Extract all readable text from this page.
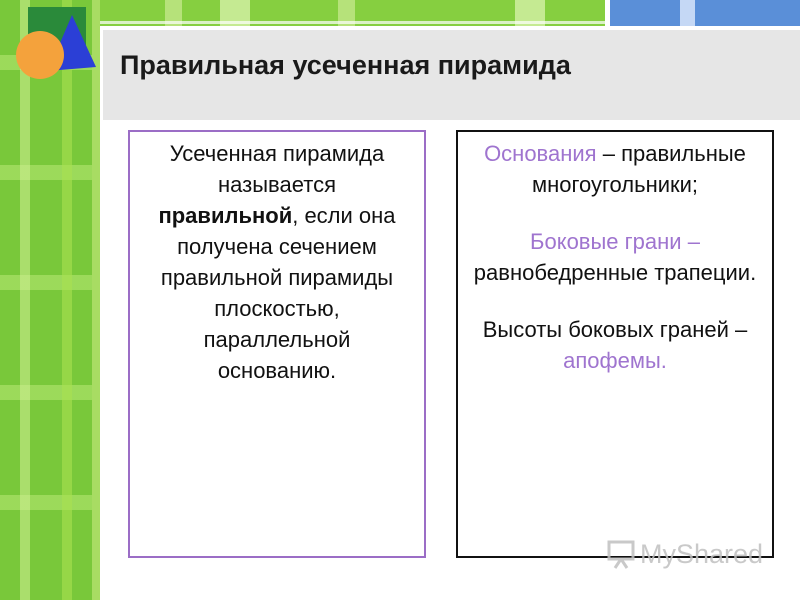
Правильная усеченная пирамида

Усеченная пирамида называется правильной, если она получена сечением правильной пирамиды плоскостью, параллельной основанию.

Основания – правильные многоугольники;

Боковые грани – равнобедренные трапеции.

Высоты боковых граней – апофемы.

MyShared
